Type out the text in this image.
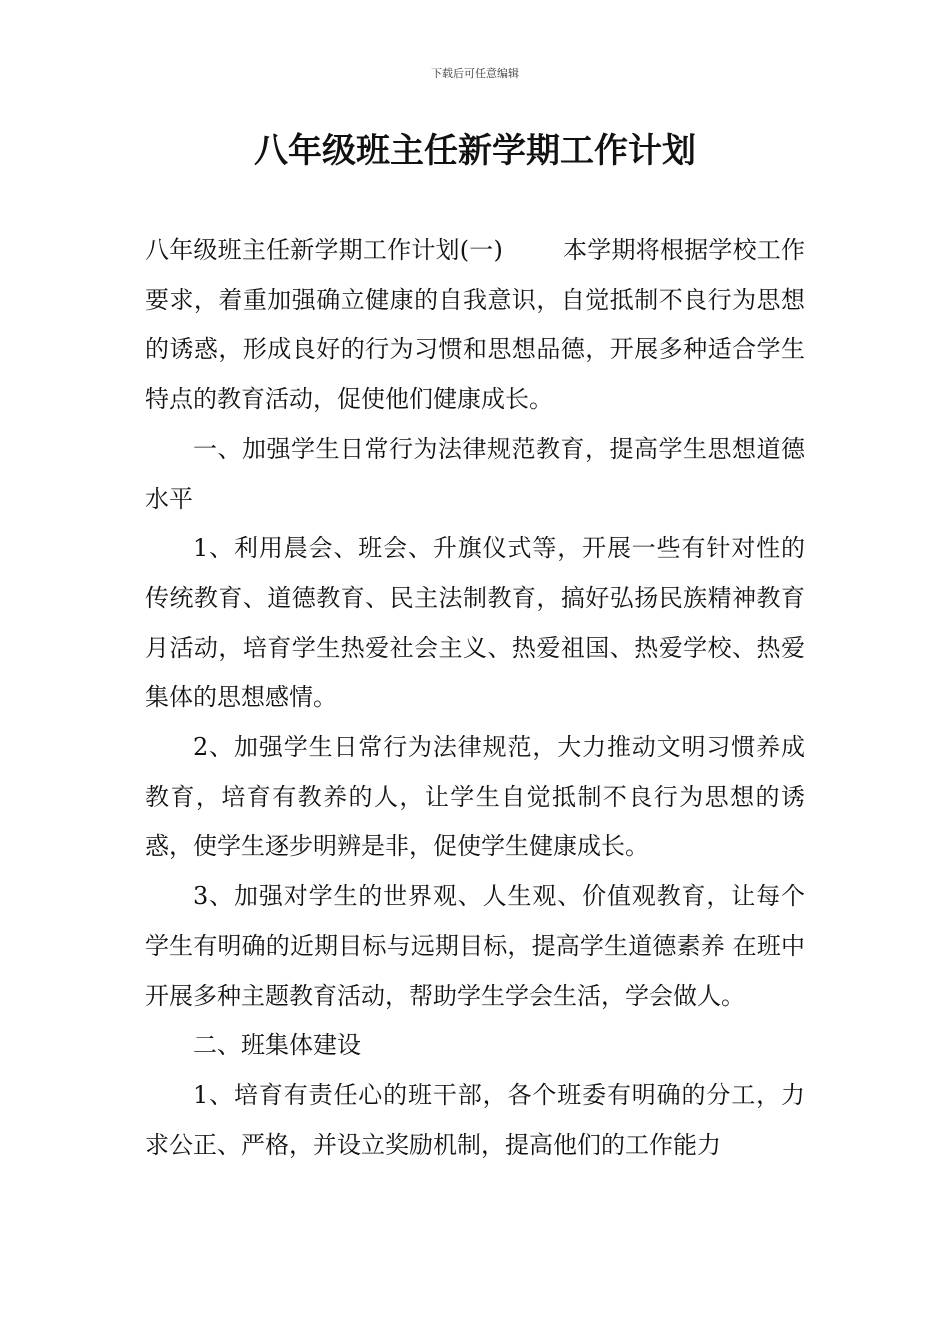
下载后可任意编辑
八年级班主任新学期工作计划

八年级班主任新学期工作计划(一)	本学期将根据学校工作要求，着重加强确立健康的自我意识，自觉抵制不良行为思想的诱惑，形成良好的行为习惯和思想品德，开展多种适合学生特点的教育活动，促使他们健康成长。

一、加强学生日常行为法律规范教育，提高学生思想道德水平

1、利用晨会、班会、升旗仪式等，开展一些有针对性的传统教育、道德教育、民主法制教育，搞好弘扬民族精神教育月活动，培育学生热爱社会主义、热爱祖国、热爱学校、热爱集体的思想感情。

2、加强学生日常行为法律规范，大力推动文明习惯养成教育，培育有教养的人，让学生自觉抵制不良行为思想的诱惑，使学生逐步明辨是非，促使学生健康成长。

3、加强对学生的世界观、人生观、价值观教育，让每个学生有明确的近期目标与远期目标，提高学生道德素养 在班中开展多种主题教育活动，帮助学生学会生活，学会做人。

二、班集体建设

1、培育有责任心的班干部，各个班委有明确的分工，力求公正、严格，并设立奖励机制，提高他们的工作能力
